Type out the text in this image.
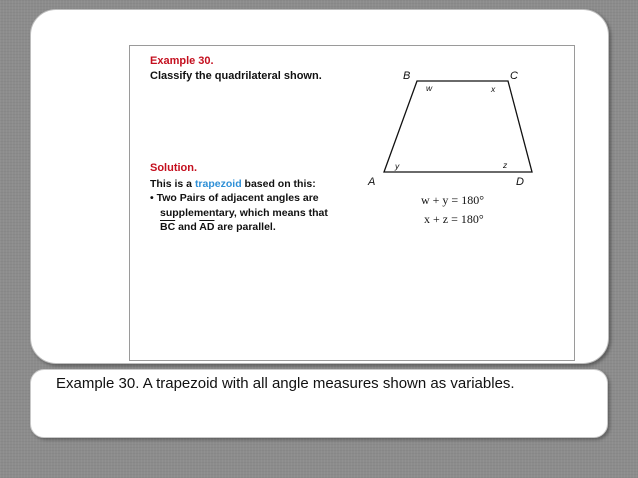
Example 30.
Classify the quadrilateral shown.
Solution.
This is a trapezoid based on this:
• Two Pairs of adjacent angles are supplementary, which means that $\overline{BC}$ and $\overline{AD}$ are parallel.
B	C
A	D
w	x
y	z
w + y = 180°
x + z = 180°
Example 30. A trapezoid with all angle measures shown as variables.
